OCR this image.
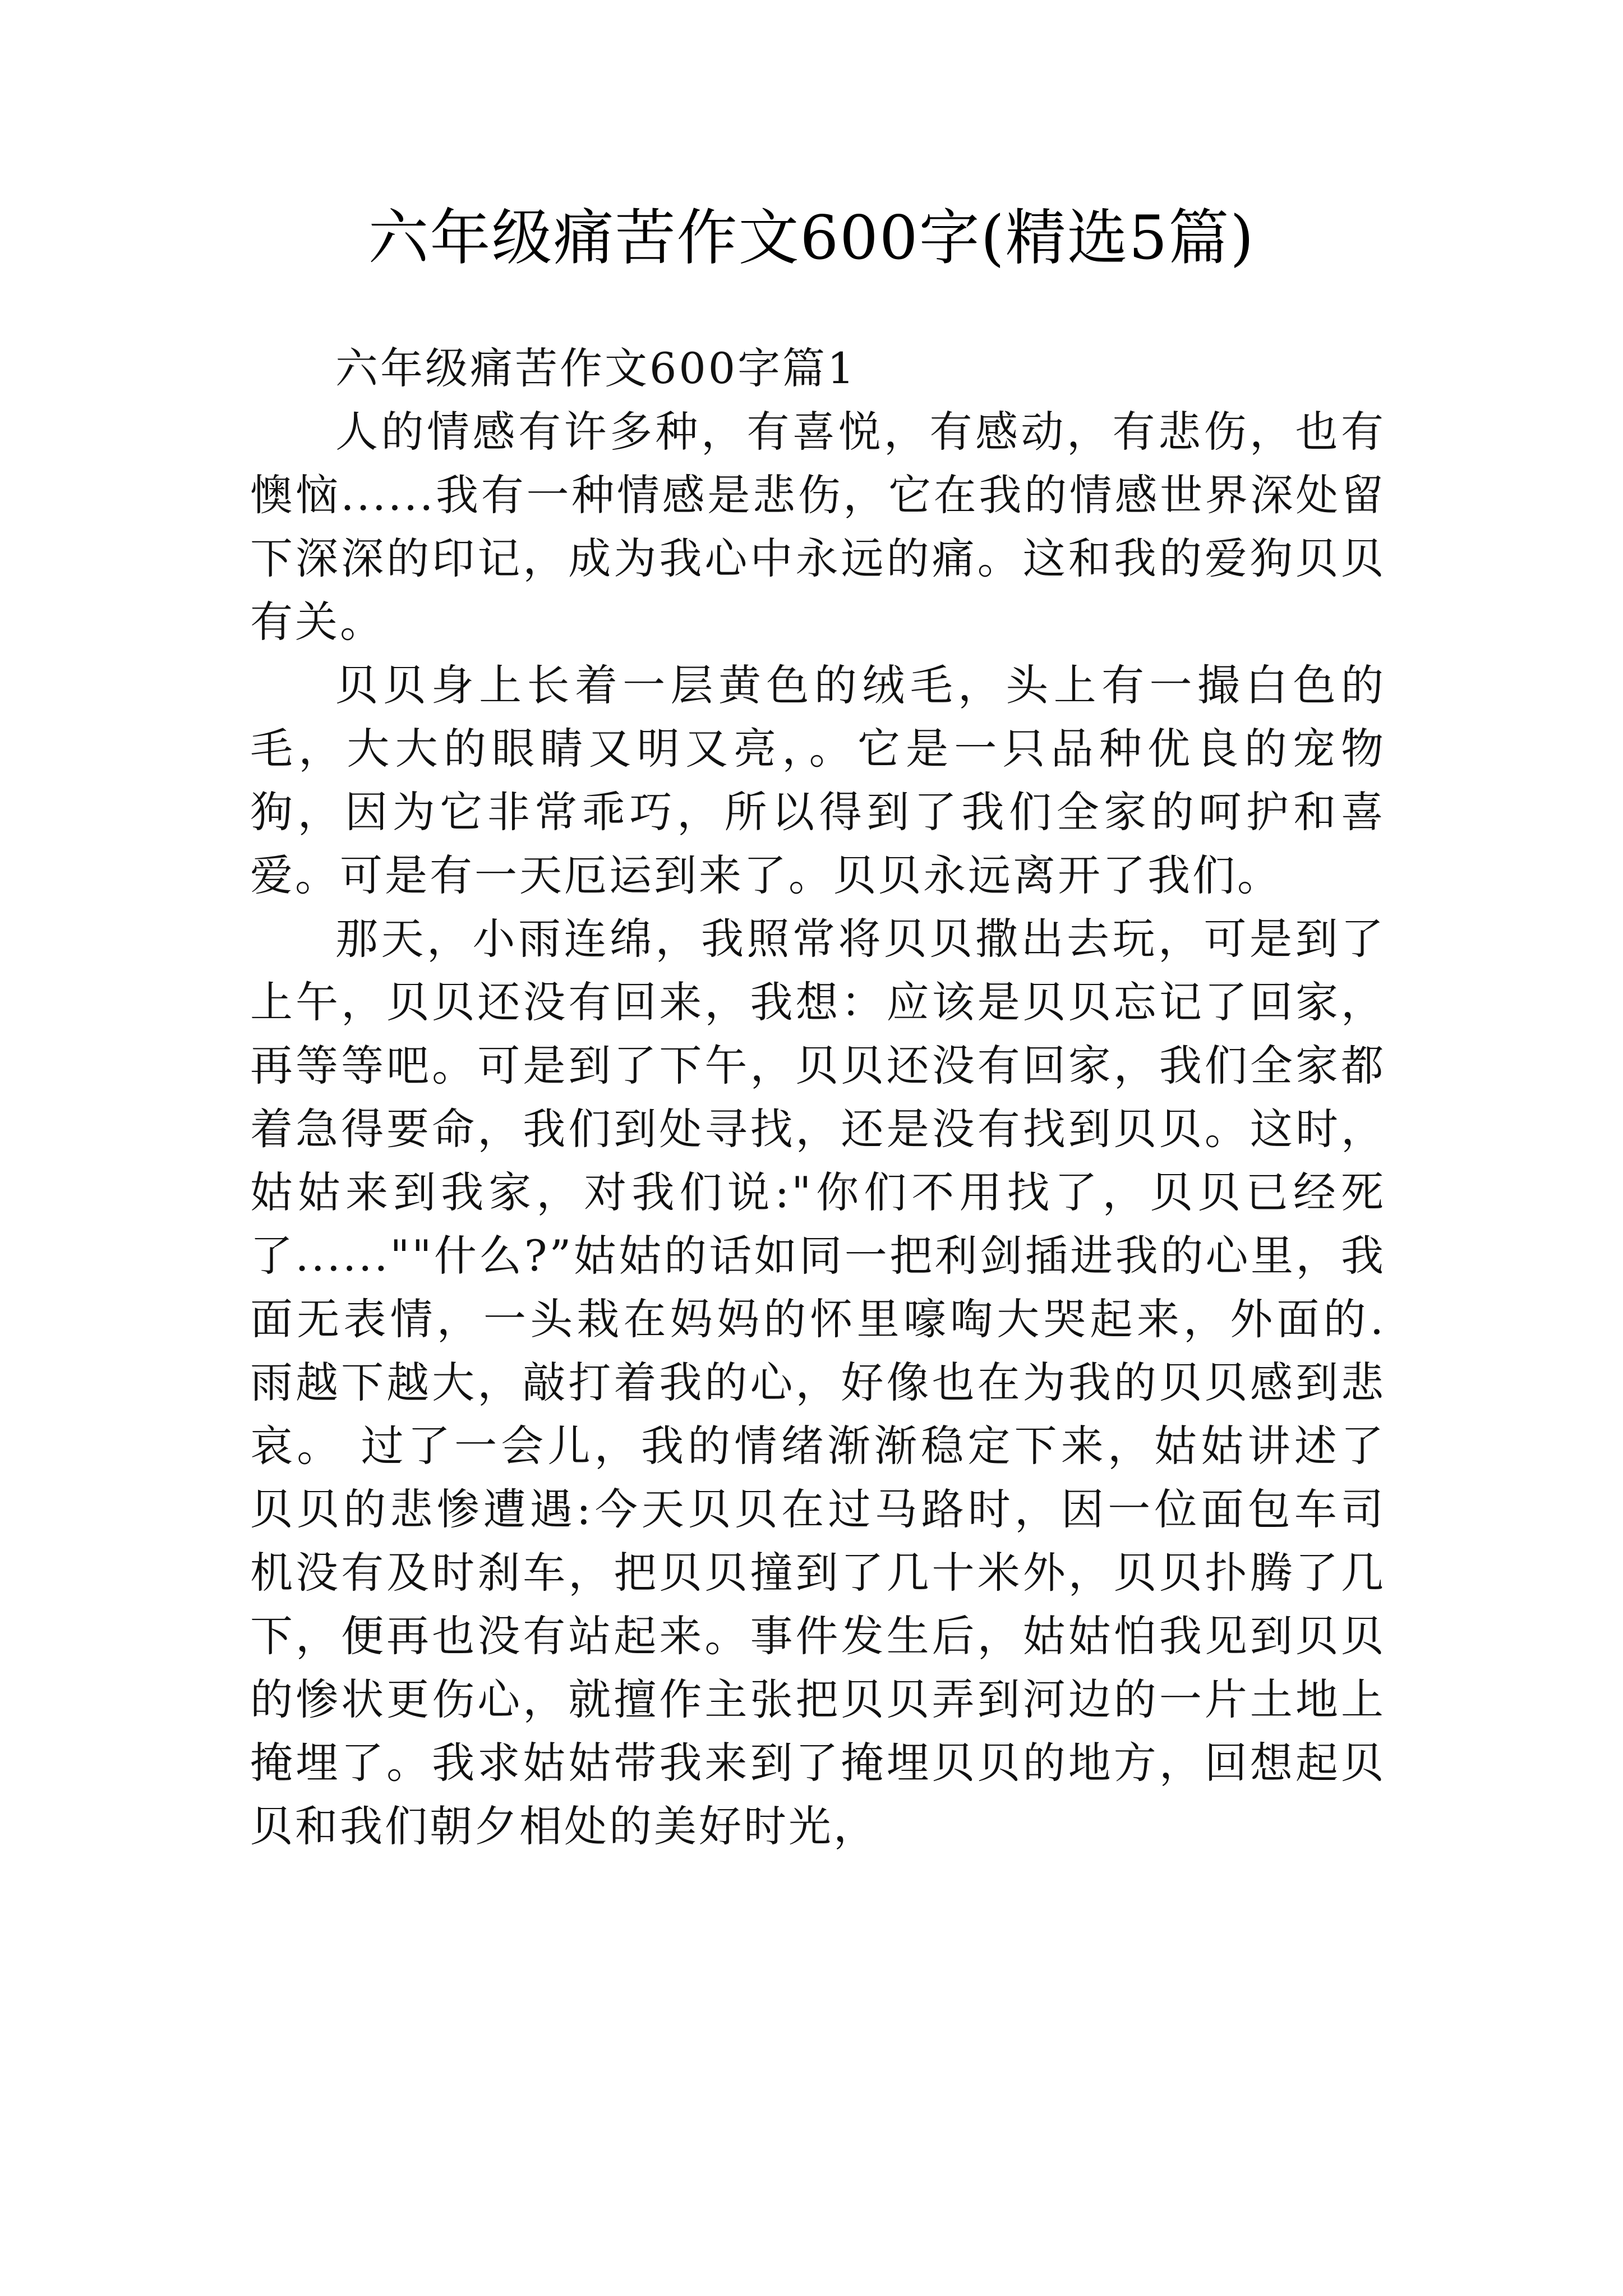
六年级痛苦作文600字(精选5篇)

六年级痛苦作文600字篇1

人的情感有许多种，有喜悦，有感动，有悲伤，也有懊恼......我有一种情感是悲伤，它在我的情感世界深处留下深深的印记，成为我心中永远的痛。这和我的爱狗贝贝有关。

贝贝身上长着一层黄色的绒毛，头上有一撮白色的毛，大大的眼睛又明又亮，。它是一只品种优良的宠物狗，因为它非常乖巧，所以得到了我们全家的呵护和喜爱。可是有一天厄运到来了。贝贝永远离开了我们。

那天，小雨连绵，我照常将贝贝撒出去玩，可是到了上午，贝贝还没有回来，我想：应该是贝贝忘记了回家，再等等吧。可是到了下午，贝贝还没有回家，我们全家都着急得要命，我们到处寻找，还是没有找到贝贝。这时，姑姑来到我家，对我们说:"你们不用找了，贝贝已经死了......""什么?”姑姑的话如同一把利剑插进我的心里，我面无表情，一头栽在妈妈的怀里嚎啕大哭起来，外面的.雨越下越大，敲打着我的心，好像也在为我的贝贝感到悲哀。 过了一会儿，我的情绪渐渐稳定下来，姑姑讲述了贝贝的悲惨遭遇:今天贝贝在过马路时，因一位面包车司机没有及时刹车，把贝贝撞到了几十米外，贝贝扑腾了几下，便再也没有站起来。事件发生后，姑姑怕我见到贝贝的惨状更伤心，就擅作主张把贝贝弄到河边的一片土地上掩埋了。我求姑姑带我来到了掩埋贝贝的地方，回想起贝贝和我们朝夕相处的美好时光，
